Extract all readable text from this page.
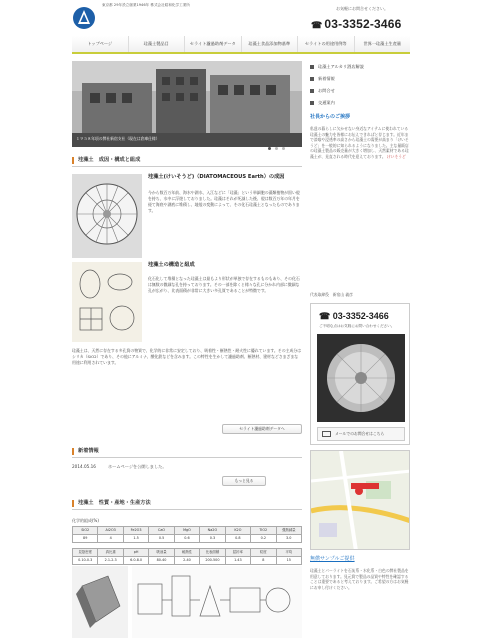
東京都 29年設立創業1946年 株式会社昭和化学工業所
お気軽にお問合せください。
☎ 03-3352-3466
トップページ	珪藻土製品目	セライト濾過助剤データ	珪藻土食品添加物基準	セライトの用途用例等	世界一珪藻土生産量
１９５８年頃の弊社新宿支社（現在は倉庫仕様）
珪藻土アルカリ酒店解説
新着情報
お問合せ
交通案内
社長からのご挨拶
私達の暮らしに欠かせない身近なアイテムに使われている珪藻土の魅力を皆様にお伝えできればと存じます。近年まで漆喰や浸透率の高さから珪藻土の需要が高まり「けいそうど」を一般的に知られるようになりました。主な量販店の珪藻土製品の販売量が大きく増加し、天然素材である珪藻土が、見直される時代を迎えております。 けいそうど
代表取締役　新宿山 義彦
☎ 03-3352-3466
ご不明な点はお気軽にお問い合わせください。
メールでのお問合せはこちら
無償サンプルご提供
珪藻土とパーライトを石灰系・水化系・白色の弊社製品を用意しております。見元質で製品の品質や特性を確認することは重要であると考えております。ご希望の方はお気軽にお申し付けください。
珪藻土　成因・構成と組成
珪藻土(けいそうど)（DIATOMACEOUS Earth）の成因
今から数百万年前、海水や湖水、入江などに「珪藻」という単細胞の藻類植物が固い殻を持ち、水中に浮遊しておりました。珪藻はそれが死滅した後、殻は数百万年の年月を経て海底や湖底に堆積し、地殻の変動によって、その化石珪藻土となったものであります。
珪藻土の構造と組成
化石化して堆積となった珪藻土は最もより形状が単独で存在するものもあり、その化石は無数の微細な孔を持っております。その一部を除くと様々な孔に分かれ内部に微細な孔が広がり、比表面積が非常に大きい多孔質であることが特徴です。
珪藻土は、天然に存在する多孔質の物質で、化学的に非常に安定しており、吸着性・断熱性・耐火性に優れています。その主成分はシリカ（SiO2）であり、その他にアルミナ、酸化鉄などを含みます。この特性を生かして濾過助剤、断熱材、建材などさまざまな用途に利用されています。
セライト濾過助剤データへ
新着情報
2014.05.16	ホームページを公開しました。
もっと見る
珪藻土　性質・産地・生産方法
化学的組成(%)
SiO2	Al2O3	Fe2O3	CaO	MgO	Na2O	K2O	TiO2	強熱減量
89	4	1.5	0.5	0.6	0.3	0.8	0.2	3.0
見掛密度	真比重	pH	吸油量	耐熱性	比表面積	屈折率	粒度	平均
0.10-0.3	2.1-2.3	6.0-8.0	80-40	2-40	200-500	1.43	8	15
